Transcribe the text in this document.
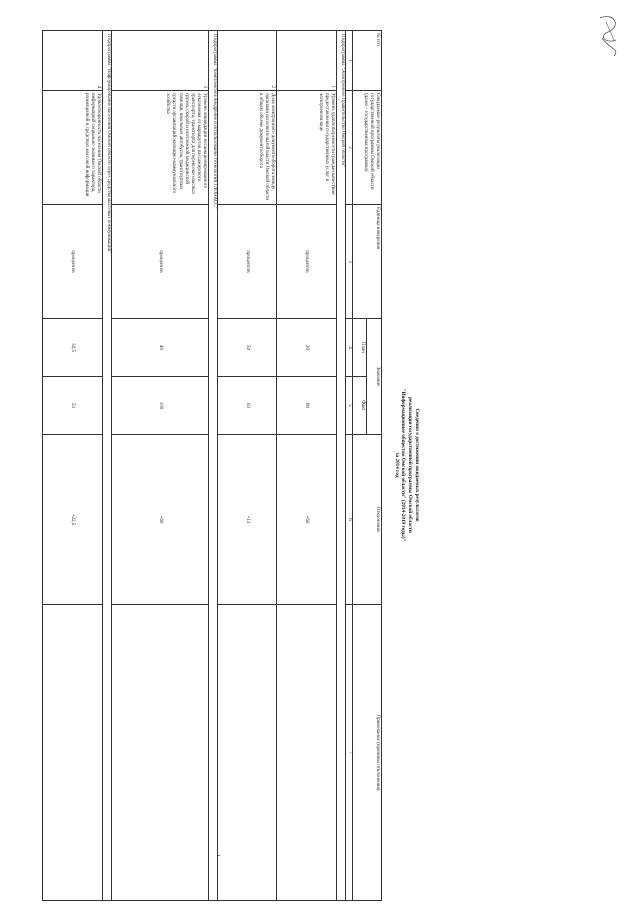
Сведения о достижении ожидаемых результатов
реализации государственной программы Омской области
"Информационное общество Омской области" (2014-2019 годы)"
за 2014 год
№ п/п	Ожидаемые результаты реализации государственной программы Омской области (далее - государственная программа)	Единица измерения	Значение		Отклонение	Примечание (причины отклонения)
			План	Факт		
1	2	3	4	5	6	7
Подпрограмма "Электронное Правительство Омской области"						
1	Уровень удовлетворенности граждан качеством предоставления государственных услуг в электронном виде	процентов	20	80	+60	
2	Доля электронного документооборота между органами исполнительной власти Омской области в общем объеме документооборота	процентов	50	63	+13	
Подпрограмма "Комплексное внедрение и использование технологий ГЛОНАСС"						
3	Уровень ликвидации несанкционированного отклонения от маршрутов пассажирского транспорта, транспорта для перевозки опасных грузов, скорой и неотложной медицинской помощи, школьных автобусов, транспортных средств организаций жилищно-коммунального хозяйства	процентов	40	100	+60	
Подпрограмма "Информирование населения Омской области через средства массовых коммуникаций"						
4	Удовлетворенность населения Омской области информацией социально значимого характера, размещенной в средствах массовой информации	процентов	30,5	53	+22,5	
